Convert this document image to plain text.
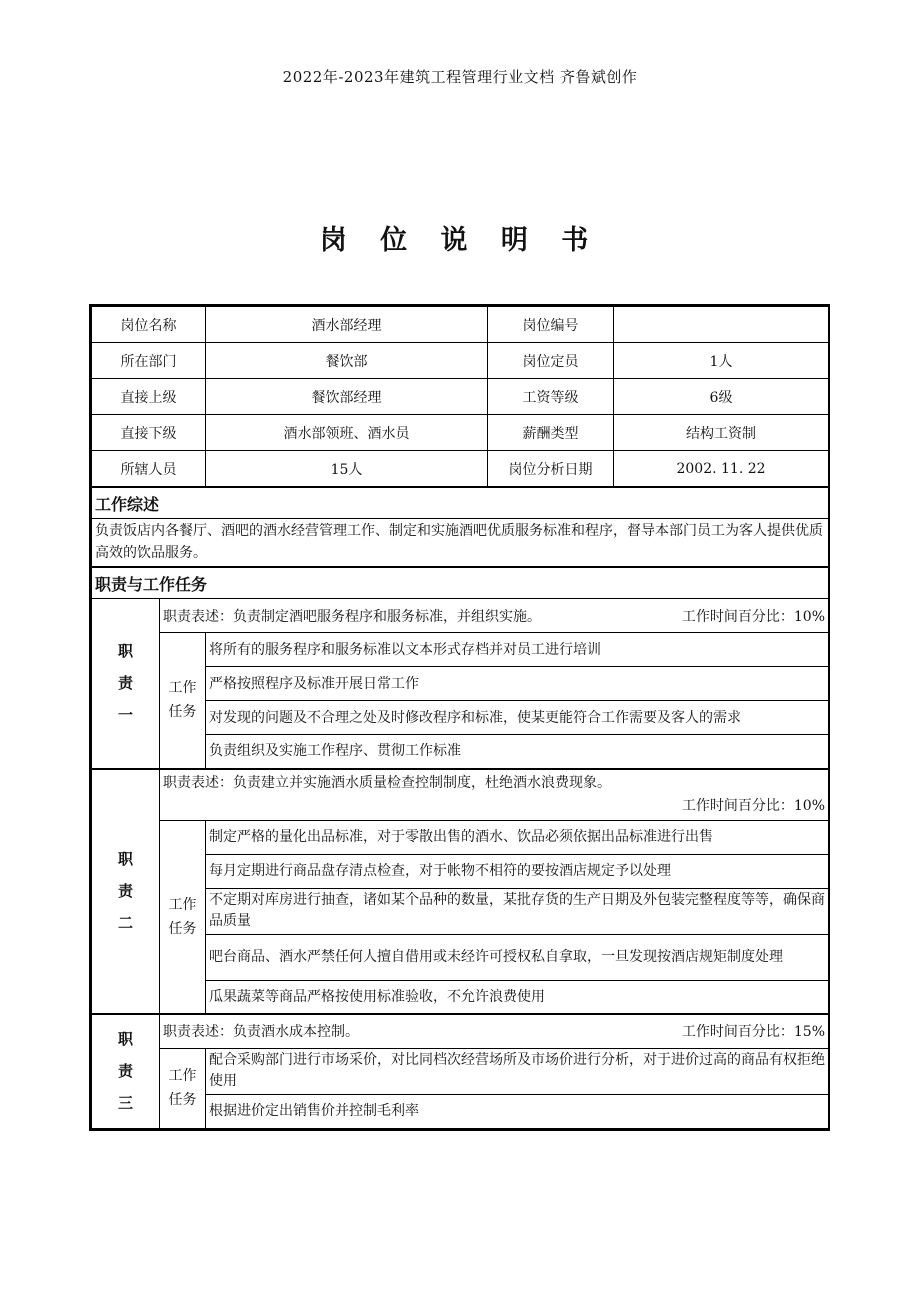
2022年-2023年建筑工程管理行业文档 齐鲁斌创作
岗 位 说 明 书
岗位名称		酒水部经理	岗位编号	
所在部门		餐饮部	岗位定员	1人
直接上级		餐饮部经理	工资等级	6级
直接下级		酒水部领班、酒水员	薪酬类型	结构工资制
所辖人员		15人	岗位分析日期	2002. 11. 22
工作综述				
负责饭店内各餐厅、酒吧的酒水经营管理工作、制定和实施酒吧优质服务标准和程序，督导本部门员工为客人提供优质高效的饮品服务。				
职责与工作任务				
职责一	职责表述：负责制定酒吧服务程序和服务标准，并组织实施。 工作时间百分比：10%			

	工作任务	将所有的服务程序和服务标准以文本形式存档并对员工进行培训		
		严格按照程序及标准开展日常工作		
		对发现的问题及不合理之处及时修改程序和标准，使某更能符合工作需要及客人的需求		
		负责组织及实施工作程序、贯彻工作标准		
职责二	职责表述：负责建立并实施酒水质量检查控制制度，杜绝酒水浪费现象。
工作时间百分比：10%			

	工作任务	制定严格的量化出品标准，对于零散出售的酒水、饮品必须依据出品标准进行出售		
		每月定期进行商品盘存清点检查，对于帐物不相符的要按酒店规定予以处理		
		不定期对库房进行抽查，诸如某个品种的数量，某批存货的生产日期及外包装完整程度等等，确保商品质量		
		吧台商品、酒水严禁任何人擅自借用或未经许可授权私自拿取，一旦发现按酒店规矩制度处理		
		瓜果蔬菜等商品严格按使用标准验收，不允许浪费使用		
职责三	职责表述：负责酒水成本控制。 工作时间百分比：15%			

	工作任务	配合采购部门进行市场采价，对比同档次经营场所及市场价进行分析，对于进价过高的商品有权拒绝使用		
		根据进价定出销售价并控制毛利率		
